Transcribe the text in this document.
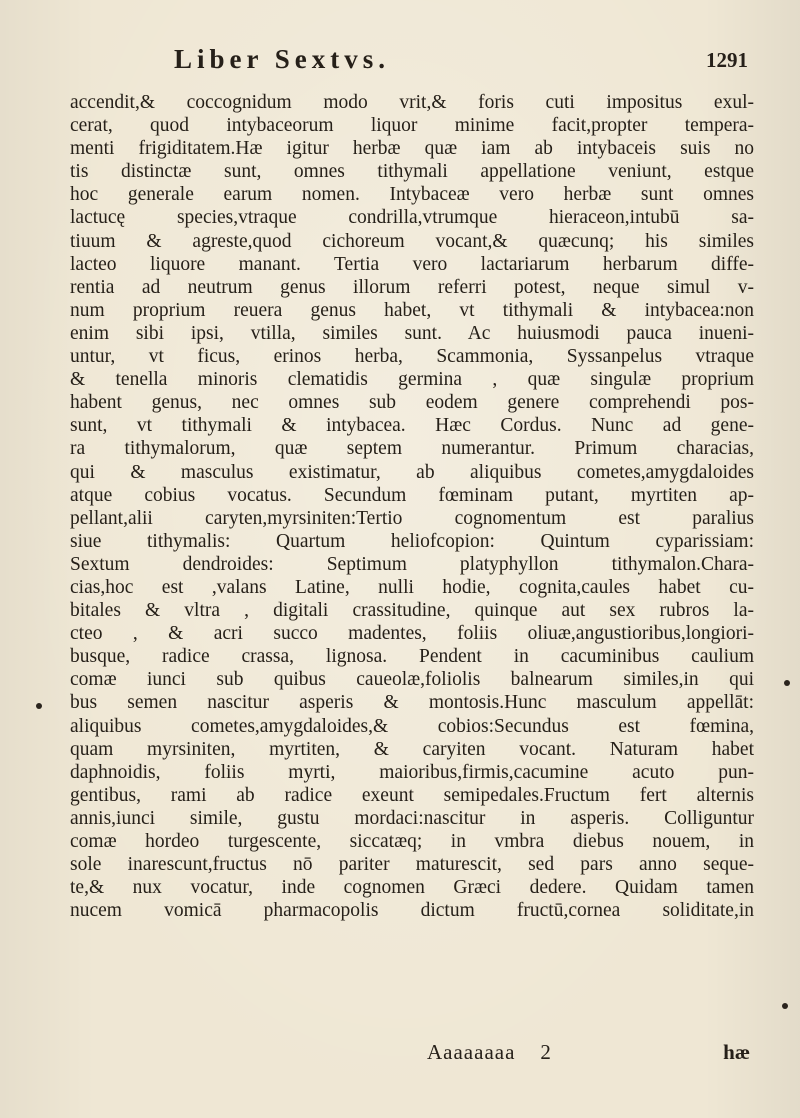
Liber Sextvs.	1291
accendit,& coccognidum modo vrit,& foris cuti impositus exul-
cerat, quod intybaceorum liquor minime facit,propter tempera-
menti frigiditatem.Hæ igitur herbæ quæ iam ab intybaceis suis no
tis distinctæ sunt, omnes tithymali appellatione veniunt, estque
hoc generale earum nomen. Intybaceæ vero herbæ sunt omnes
lactucę species,vtraque condrilla,vtrumque hieraceon,intubū sa-
tiuum & agreste,quod cichoreum vocant,& quæcunq; his similes
lacteo liquore manant. Tertia vero lactariarum herbarum diffe-
rentia ad neutrum genus illorum referri potest, neque simul v-
num proprium reuera genus habet, vt tithymali & intybacea:non
enim sibi ipsi, vtilla, similes sunt. Ac huiusmodi pauca inueni-
untur, vt ficus, erinos herba, Scammonia, Syssanpelus vtraque
& tenella minoris clematidis germina , quæ singulæ proprium
habent genus, nec omnes sub eodem genere comprehendi pos-
sunt, vt tithymali & intybacea. Hæc Cordus. Nunc ad gene-
ra tithymalorum, quæ septem numerantur. Primum characias,
qui & masculus existimatur, ab aliquibus cometes,amygdaloides
atque cobius vocatus. Secundum fœminam putant, myrtiten ap-
pellant,alii caryten,myrsiniten:Tertio cognomentum est paralius
siue tithymalis: Quartum heliofcopion: Quintum cyparissiam:
Sextum dendroides: Septimum platyphyllon tithymalon.Chara-
cias,hoc est ,valans Latine, nulli hodie, cognita,caules habet cu-
bitales & vltra , digitali crassitudine, quinque aut sex rubros la-
cteo , & acri succo madentes, foliis oliuæ,angustioribus,longiori-
busque, radice crassa, lignosa. Pendent in cacuminibus caulium
comæ iunci sub quibus caueolæ,foliolis balnearum similes,in qui
bus semen nascitur asperis & montosis.Hunc masculum appellāt:
aliquibus cometes,amygdaloides,& cobios:Secundus est fœmina,
quam myrsiniten, myrtiten, & caryiten vocant. Naturam habet
daphnoidis, foliis myrti, maioribus,firmis,cacumine acuto pun-
gentibus, rami ab radice exeunt semipedales.Fructum fert alternis
annis,iunci simile, gustu mordaci:nascitur in asperis. Colliguntur
comæ hordeo turgescente, siccatæq; in vmbra diebus nouem, in
sole inarescunt,fructus nō pariter maturescit, sed pars anno seque-
te,& nux vocatur, inde cognomen Græci dedere. Quidam tamen
nucem vomicā pharmacopolis dictum fructū,cornea soliditate,in
Aaaaaaaa 2	hæ
